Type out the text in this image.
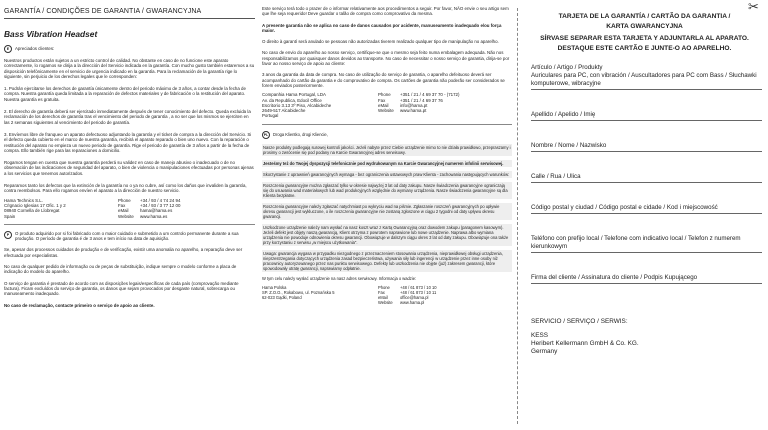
✂
GARANTÍA / CONDIÇÕES DE GARANTIA / GWARANCYJNA
Bass Vibration Headset
E	Apreciados clientes:

Nuestros productos están sujetos a un estricto control de calidad. No obstante en caso de no funcione este aparato correctamente, lo rogamos se dirija a la dirección del Servicio indicada en la garantía. Con mucho gusto también estaremos a su disposición telefónicamente en el servicio de urgencia indicado en la garantía. Para la reclamación de la garantía rige lo siguiente, sin perjuicio de los derechos legales que le corresponden:

1. Podrán ejercitarse los derechos de garantía únicamente dentro del periodo máximo de 3 años, a contar desde la fecha de compra. Nuestra garantía queda limitada a la reparación de defectos materiales y de fabricación o la restitución del aparato. Nuestra garantía es gratuita.

2. El derecho de garantía deberá ser ejercitado inmediatamente después de tener conocimiento del defecto. Queda excluida la reclamación de los derechos de garantía tras el vencimiento del periodo de garantía , a no ser que los mismos se ejerciten en las 2 semanas siguientes al vencimiento del periodo de garantía.

3. Envíemos libre de franqueo un aparato defectuoso adjuntando la garantía y el ticket de compra a la dirección del Servicio. Si el defecto queda cubierto en el marco de nuestra garantía, recibirá el aparato reparado o bien uno nuevo. Con la reparación o restitución del aparato no empieza un nuevo periodo de garantía. Rige el periodo de garantía de 3 años a partir de la fecha de compra. Ello también rige para las reparaciones a domicilio.

Rogamos tengan en cuenta que nuestra garantía perderá su validez en caso de manejo abusivo o inadecuado o de no observación de las indicaciones de seguridad del aparato, o bien de violencia o manipulaciones efectuadas por personas ajenas a los servicios que tenemos autorizados.

Reparamos tanto los defectos que la extinción de la garantía no o ya no cubre, así como los daños que invaliden la garantía, contra reembolsos. Para ello rogamos envíen el aparato a la dirección de nuestro servicio.

Hama Technics S.L.
C/Ignacio Iglesias 17 Ofic. 1 y 2
08940 Cornella de Llobregat
Spain
Phone	+34 / 93 / 4 74 24 94
Fax	+34 / 93 / 3 77 12 00
eMail	hama@hama.es
Website	www.hama.es
P	O produto adquirido por si foi fabricado com o maior cuidado e submetido a um controlo permanente durante a sua produção. O período de garantia é de 3 anos e tem início na data de aquisição.

Se, apesar dos processos cuidados de produção e de verificação, existir uma anomalia no aparelho, a reparação deve ser efectuada por especialistas.

No caso de qualquer pedido de informação ou de peças de substituição, indique sempre o modelo conforme a placa de indicação do modelo do aparelho.

O serviço de garantia é prestado de acordo com as disposições legais/específicas de cada país (comprovação mediante factura). Ficam excluídos do serviço de garantia, os danos que sejam provocados por desgaste natural, sobrecarga ou manuseamento inadequado.

No caso de reclamação, contacte primeiro o serviço de apoio ao cliente.

Este serviço terá todo o prazer de o informar relativamente aos procedimentos a seguir. Por favor, NÃO envie o seu artigo sem que lhe seja requerido! Deve guardar o talão de compra como comprovativo da mesma.

A presente garantia não se aplica no caso de danos causados por acidente, manuseamento inadequado e/ou força maior.

O direito à garantí será anulado se pessoas não autorizadas tiverem realizado qualquer tipo de manipulação no aparelho.

No caso de envio do aparelho ao nosso serviço, certifique-se que o mesmo seja feito numa embalagem adequada. Não nos responsabilizamos por quaisquer danos devidos ao transporte. No caso de necessitar o nosso serviço de garantia, dirija-se por favor ao nosso serviço de apoio ao cliente:

3 anos da garantia da data de compra. No caso de utilização do serviço de garantia, o aparelho defeituoso deverá ser acompanhado do cartão da garantia e do comprovativo de compra. Os cartões de garantia não poderão ser considerados se forem enviados posteriormente.

Companhia Hama Portugal, LDA
Av. da Republica, Edocil Office
Escritorio 3.13 3º Piso, Alcabideche
2649-517 Alcabideche
Portugal
Phone	+351 / 21 / 4 69 37 70 - (7172)
Fax	+351 / 21 / 4 69 37 76
eMail	info@hama.pt
Website	www.hama.pt
PL	Droga Klientko, drogi Kliencie,

Nasze produkty podlegają surowej kontroli jakości. Jeżeli nabyte przez Ciebie urządzenie mimo to nie działa prawidłowo, przepraszamy i prosimy o zwrócenie się pod podany na Karcie Gwarancyjnej adres serwisowy.

Jesteśmy też do Twojej dyspozycji telefonicznie pod wydrukowanym na Karcie Gwarancyjnej numerem infolinii serwisowej.

Skorzystanie z uprawnień gwarancyjnych wymaga - bez ograniczenia ustawowych praw Klienta - zachowania następujących warunków:

Roszczenia gwarancyjne można zgłaszać tylko w okresie najwyżej 3 lat od daty zakupu. Nasze świadczenia gwarancyjne ograniczają się do usuwania wad materiałowych lub wad produkcyjnych względnie do wymiany urządzenia. Nasze świadczenia gwarancyjne są dla Klienta bezpłatne.

Roszczenia gwarancyjne należy zgłaszać natychmiast po wykryciu wad na piśmie. Zgłaszanie roszczeń gwarancyjnych po upływie okresu gwarancji jest wykluczone, o ile roszczenia gwarancyjne nie zostaną zgłoszone w ciągu 2 tygodni od daty upływu okresu gwarancji.

Uszkodzone urządzenie należy nam wysłać na nasz koszt wraz z Kartą Gwarancyjną oraz dowodem zakupu (paragonem kasowym). Jeżeli defekt jest objęty naszą gwarancją, Klient otrzyma z powrotem naprawione lub nowe urządzenie. Naprawa albo wymiana urządzenia nie powoduje odnowienia okresu gwarancji. Obowiązuje w dalszym ciągu okres 3 lat od daty zakupu. Obowiązuje ona także przy korzystaniu z serwisu „w miejscu użytkowania".

Uwaga: gwarancja wygasa w przypadku niezgodnego z przeznaczeniem stosowania urządzenia, nieprawidłowej obsługi urządzenia, nieprzestrzegania dotyczących urządzenia zasad bezpieczeństwa, używania siły lub ingerencji w urządzenie przez inne osoby niż pracownicy autoryzowanego przez nas punktu serwisowego. Defekty lub uszkodzenia nie objęte (już) zakresem gwarancji, które spowodowały utratę gwarancji, naprawiamy odpłatnie.

W tym celu należy wysłać urządzenie na nasz adres serwisowy. Informacja o wadzie:

Hama Polska
SP. Z.O.O., Rokabowo, ul. Poznańska 5
62-023 Gądki, Poland
Phone	+48 / 61 873 / 10 10
Fax	+48 / 61 873 / 10 11
eMail	office@hama.pl
Website	www.hama.pl
TARJETA DE LA GARANTÍA / CARTÃO DA GARANTIA /
KARTA GWARANCYJNA
SÍRVASE SEPARAR ESTA TARJETA Y ADJUNTARLA AL APARATO.
DESTAQUE ESTE CARTÃO E JUNTE-O AO APARELHO.
Artículo / Artigo / Produkty
Auriculares para PC, con vibración / Auscultadores para PC com Bass / Słuchawki komputerowe, wibracyjne
Apellido / Apelido / Imię
Nombre / Nome / Nazwisko
Calle / Rua / Ulica
Código postal y ciudad / Código postal e cidade / Kod i miejscowość
Teléfono con prefijo local / Telefone com indicativo local / Telefon z numerem kierunkowym
Firma del cliente / Assinatura do cliente / Podpis Kupującego
SERVICIO / SERVIÇO / SERWIS:
KESS
Heribert Kellermann GmbH & Co. KG.
Germany
